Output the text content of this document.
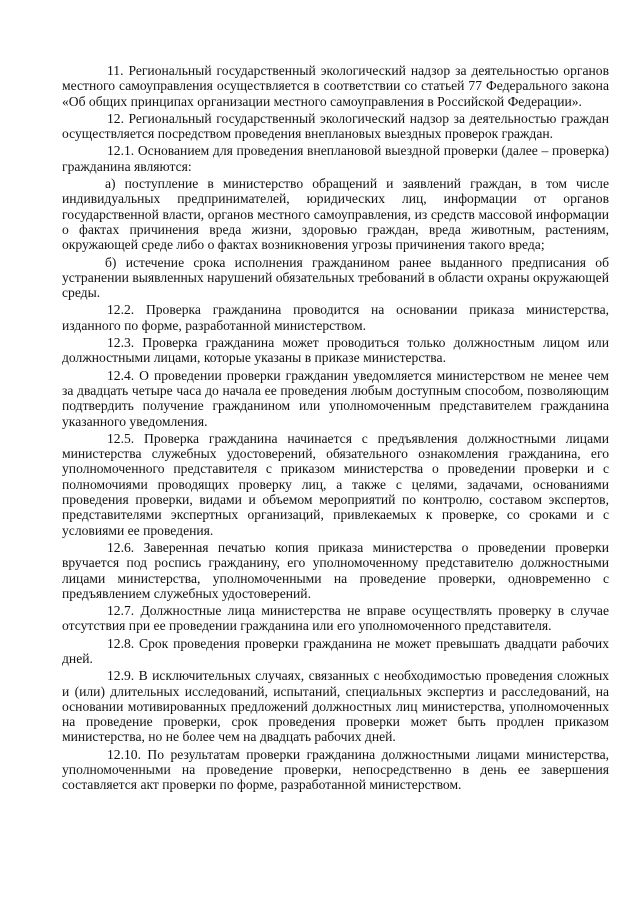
11. Региональный государственный экологический надзор за деятельностью органов местного самоуправления осуществляется в соответствии со статьей 77 Федерального закона «Об общих принципах организации местного самоуправления в Российской Федерации».

12. Региональный государственный экологический надзор за деятельностью граждан осуществляется посредством проведения внеплановых выездных проверок граждан.

12.1. Основанием для проведения внеплановой выездной проверки (далее – проверка) гражданина являются:

а) поступление в министерство обращений и заявлений граждан, в том числе индивидуальных предпринимателей, юридических лиц, информации от органов государственной власти, органов местного самоуправления, из средств массовой информации о фактах причинения вреда жизни, здоровью граждан, вреда животным, растениям, окружающей среде либо о фактах возникновения угрозы причинения такого вреда;

б) истечение срока исполнения гражданином ранее выданного предписания об устранении выявленных нарушений обязательных требований в области охраны окружающей среды.

12.2. Проверка гражданина проводится на основании приказа министерства, изданного по форме, разработанной министерством.

12.3. Проверка гражданина может проводиться только должностным лицом или должностными лицами, которые указаны в приказе министерства.

12.4. О проведении проверки гражданин уведомляется министерством не менее чем за двадцать четыре часа до начала ее проведения любым доступным способом, позволяющим подтвердить получение гражданином или уполномоченным представителем гражданина указанного уведомления.

12.5. Проверка гражданина начинается с предъявления должностными лицами министерства служебных удостоверений, обязательного ознакомления гражданина, его уполномоченного представителя с приказом министерства о проведении проверки и с полномочиями проводящих проверку лиц, а также с целями, задачами, основаниями проведения проверки, видами и объемом мероприятий по контролю, составом экспертов, представителями экспертных организаций, привлекаемых к проверке, со сроками и с условиями ее проведения.

12.6. Заверенная печатью копия приказа министерства о проведении проверки вручается под роспись гражданину, его уполномоченному представителю должностными лицами министерства, уполномоченными на проведение проверки, одновременно с предъявлением служебных удостоверений.

12.7. Должностные лица министерства не вправе осуществлять проверку в случае отсутствия при ее проведении гражданина или его уполномоченного представителя.

12.8. Срок проведения проверки гражданина не может превышать двадцати рабочих дней.

12.9. В исключительных случаях, связанных с необходимостью проведения сложных и (или) длительных исследований, испытаний, специальных экспертиз и расследований, на основании мотивированных предложений должностных лиц министерства, уполномоченных на проведение проверки, срок проведения проверки может быть продлен приказом министерства, но не более чем на двадцать рабочих дней.

12.10. По результатам проверки гражданина должностными лицами министерства, уполномоченными на проведение проверки, непосредственно в день ее завершения составляется акт проверки по форме, разработанной министерством.
